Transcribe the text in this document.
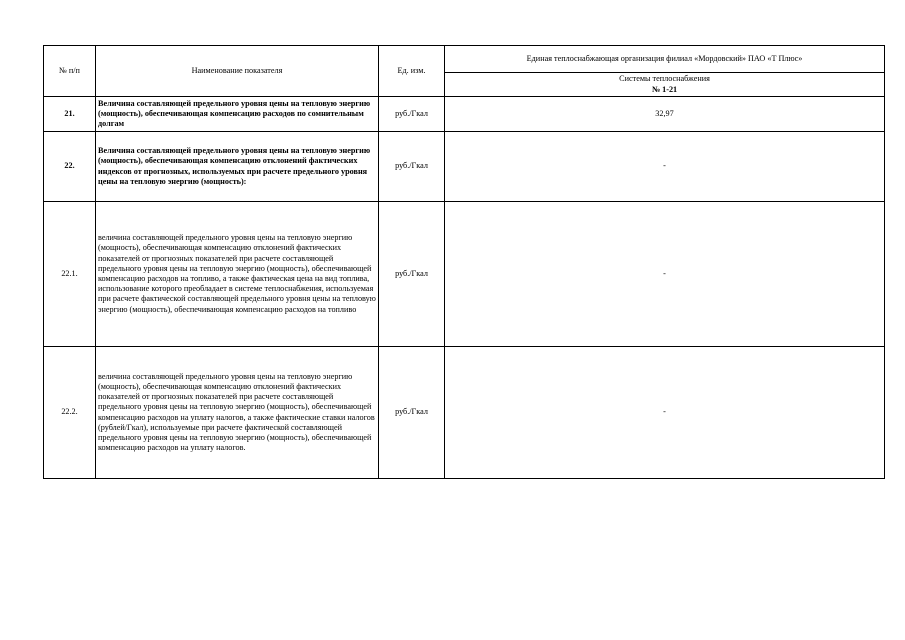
№ п/п	Наименование показателя	Ед. изм.	Единая теплоснабжающая организация филиал «Мордовский» ПАО «Т Плюс»

			Системы теплоснабжения
№ 1-21

21.	Величина составляющей предельного уровня цены на тепловую энергию (мощность), обеспечивающая компенсацию расходов по сомнительным долгам	руб./Гкал	32,97
22.	Величина составляющей предельного уровня цены на тепловую энергию (мощность), обеспечивающая компенсацию отклонений фактических индексов от прогнозных, используемых при расчете предельного уровня цены на тепловую энергию (мощность):	руб./Гкал	-
22.1.	величина составляющей предельного уровня цены на тепловую энергию (мощность), обеспечивающая компенсацию отклонений фактических показателей от прогнозных показателей при расчете составляющей предельного уровня цены на тепловую энергию (мощность), обеспечивающей компенсацию расходов на топливо, а также фактическая цена на вид топлива, использование которого преобладает в системе теплоснабжения, используемая при расчете фактической составляющей предельного уровня цены на тепловую энергию (мощность), обеспечивающая компенсацию расходов на топливо	руб./Гкал	-
22.2.	величина составляющей предельного уровня цены на тепловую энергию (мощность), обеспечивающая компенсацию отклонений фактических показателей от прогнозных показателей при расчете составляющей предельного уровня цены на тепловую энергию (мощность), обеспечивающей компенсацию расходов на уплату налогов, а также фактические ставки налогов (рублей/Гкал), используемые при расчете фактической составляющей предельного уровня цены на тепловую энергию (мощность), обеспечивающей компенсацию расходов на уплату налогов.	руб./Гкал	-
